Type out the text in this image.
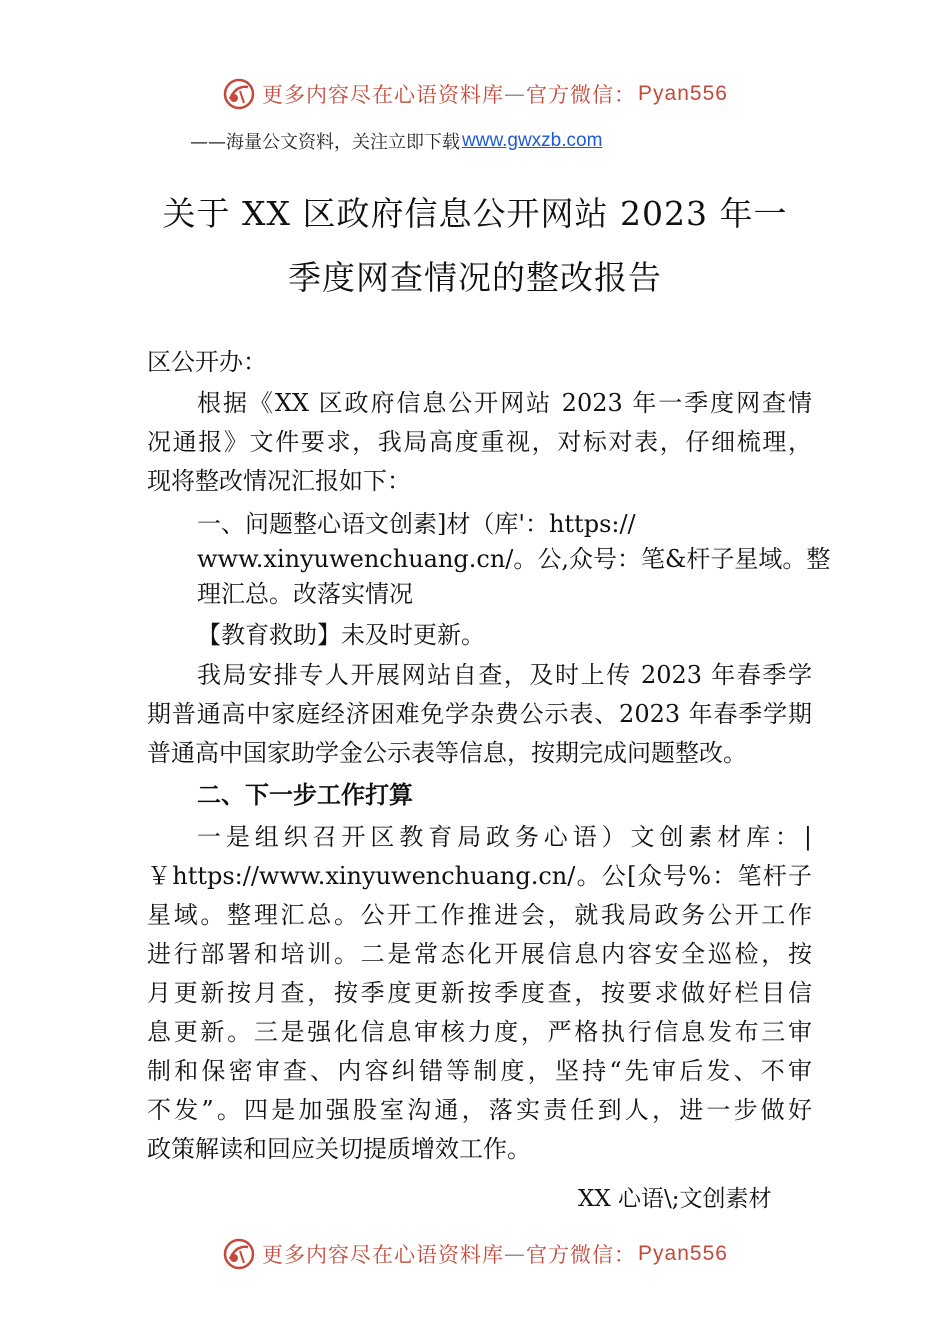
更多内容尽在心语资料库 — 官方微信： Pyan556
——海量公文资料，关注立即下载 www.gwxzb.com
关于 XX 区政府信息公开网站 2023 年一
季度网查情况的整改报告
区公开办：
根据《XX 区政府信息公开网站 2023 年一季度网查情
况通报》文件要求，我局高度重视，对标对表，仔细梳理，
现将整改情况汇报如下：
一、问题整心语文创素]材（库'：https://
www.xinyuwenchuang.cn/。公,众号：笔&杆子星域。整
理汇总。改落实情况
【教育救助】未及时更新。
我局安排专人开展网站自查，及时上传 2023 年春季学
期普通高中家庭经济困难免学杂费公示表、2023 年春季学期
普通高中国家助学金公示表等信息，按期完成问题整改。
二、下一步工作打算
一是组织召开区教育局政务心语）文创素材库：|
￥https://www.xinyuwenchuang.cn/。公[众号%：笔杆子
星域。整理汇总。公开工作推进会，就我局政务公开工作
进行部署和培训。二是常态化开展信息内容安全巡检，按
月更新按月查，按季度更新按季度查，按要求做好栏目信
息更新。三是强化信息审核力度，严格执行信息发布三审
制和保密审查、内容纠错等制度，坚持“先审后发、不审
不发”。四是加强股室沟通，落实责任到人，进一步做好
政策解读和回应关切提质增效工作。
XX 心语\;文创素材
更多内容尽在心语资料库 — 官方微信： Pyan556
